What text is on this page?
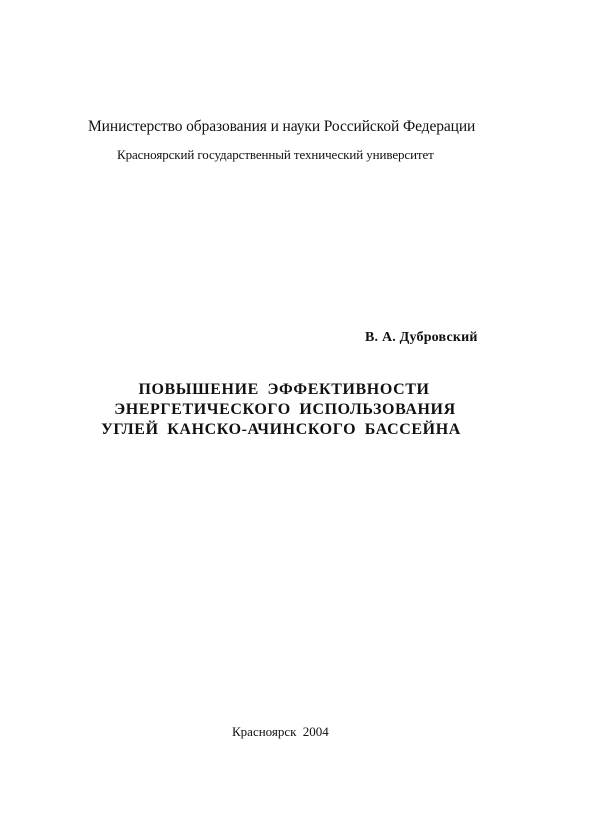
Министерство образования и науки Российской Федерации
Красноярский государственный технический университет
В. А. Дубровский
ПОВЫШЕНИЕ ЭФФЕКТИВНОСТИ
ЭНЕРГЕТИЧЕСКОГО ИСПОЛЬЗОВАНИЯ
УГЛЕЙ КАНСКО-АЧИНСКОГО БАССЕЙНА
Красноярск 2004
